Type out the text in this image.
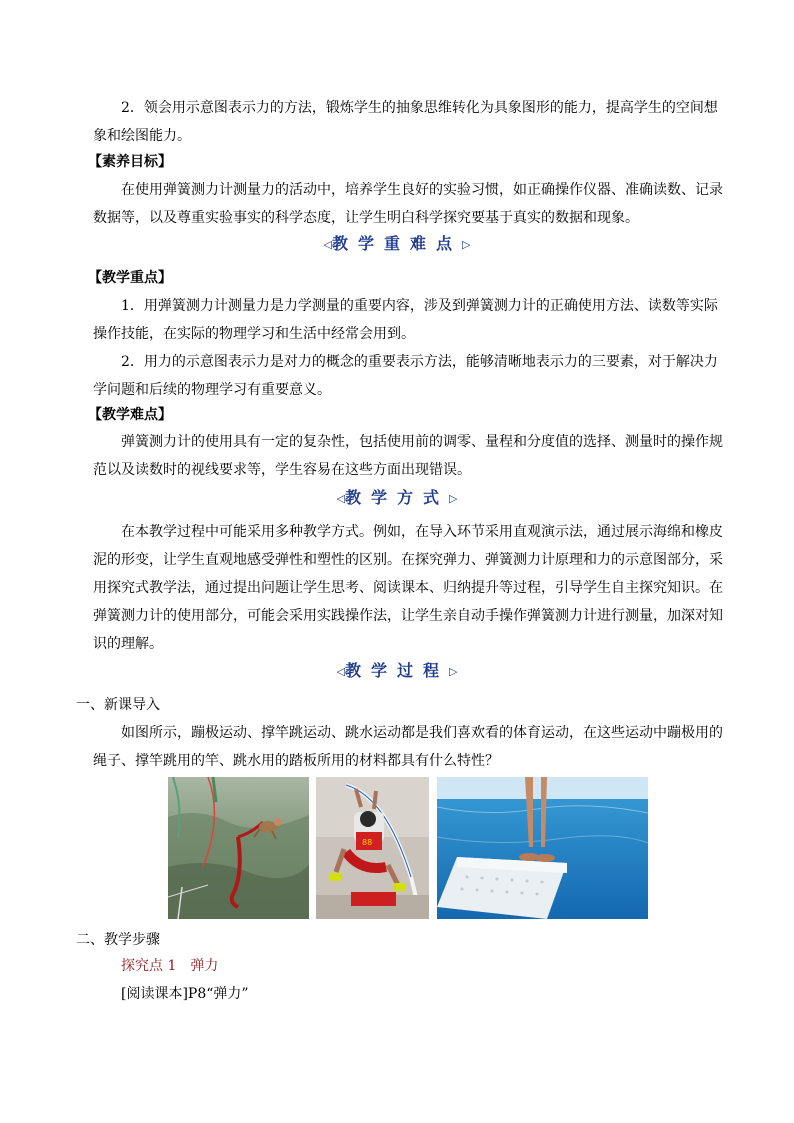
2．领会用示意图表示力的方法，锻炼学生的抽象思维转化为具象图形的能力，提高学生的空间想象和绘图能力。

【素养目标】

在使用弹簧测力计测量力的活动中，培养学生良好的实验习惯，如正确操作仪器、准确读数、记录数据等，以及尊重实验事实的科学态度，让学生明白科学探究要基于真实的数据和现象。

◁教学重难点▷
【教学重点】

1．用弹簧测力计测量力是力学测量的重要内容，涉及到弹簧测力计的正确使用方法、读数等实际操作技能，在实际的物理学习和生活中经常会用到。

2．用力的示意图表示力是对力的概念的重要表示方法，能够清晰地表示力的三要素，对于解决力学问题和后续的物理学习有重要意义。

【教学难点】

弹簧测力计的使用具有一定的复杂性，包括使用前的调零、量程和分度值的选择、测量时的操作规范以及读数时的视线要求等，学生容易在这些方面出现错误。

◁教学方式▷

在本教学过程中可能采用多种教学方式。例如，在导入环节采用直观演示法，通过展示海绵和橡皮泥的形变，让学生直观地感受弹性和塑性的区别。在探究弹力、弹簧测力计原理和力的示意图部分，采用探究式教学法，通过提出问题让学生思考、阅读课本、归纳提升等过程，引导学生自主探究知识。在弹簧测力计的使用部分，可能会采用实践操作法，让学生亲自动手操作弹簧测力计进行测量，加深对知识的理解。

◁教学过程▷
一、新课导入

如图所示，蹦极运动、撑竿跳运动、跳水运动都是我们喜欢看的体育运动，在这些运动中蹦极用的绳子、撑竿跳用的竿、跳水用的踏板所用的材料都具有什么特性？

88
二、教学步骤
探究点 1　弹力
[阅读课本]P8“弹力”
